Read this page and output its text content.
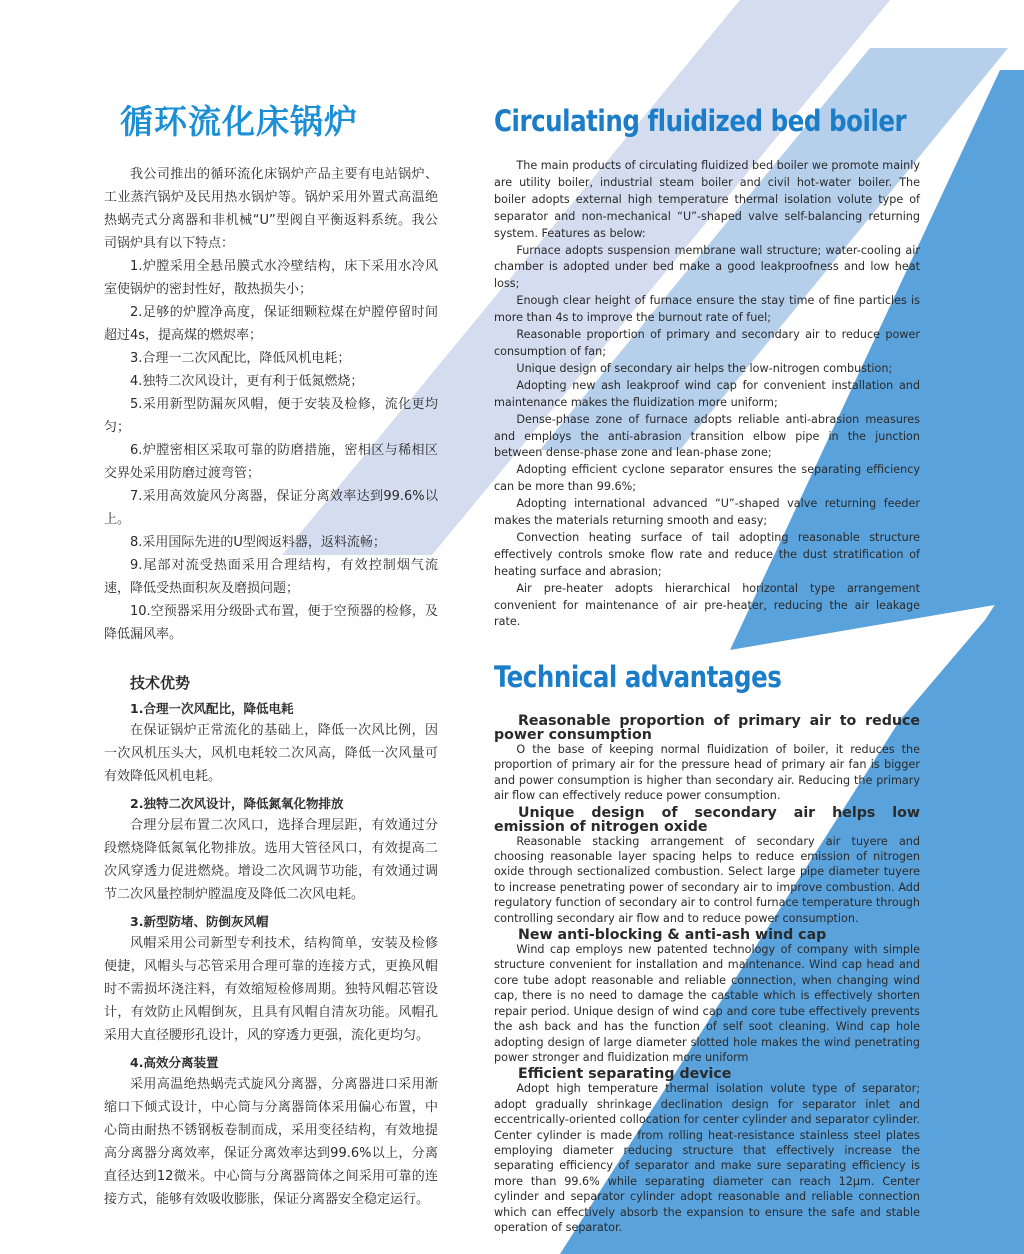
循环流化床锅炉

我公司推出的循环流化床锅炉产品主要有电站锅炉、工业蒸汽锅炉及民用热水锅炉等。锅炉采用外置式高温绝热蜗壳式分离器和非机械“U”型阀自平衡返料系统。我公司锅炉具有以下特点：

1.炉膛采用全悬吊膜式水冷壁结构，床下采用水冷风室使锅炉的密封性好，散热损失小；

2.足够的炉膛净高度，保证细颗粒煤在炉膛停留时间超过4s，提高煤的燃烬率；

3.合理一二次风配比，降低风机电耗；

4.独特二次风设计，更有利于低氮燃烧；

5.采用新型防漏灰风帽，便于安装及检修，流化更均匀；

6.炉膛密相区采取可靠的防磨措施，密相区与稀相区交界处采用防磨过渡弯管；

7.采用高效旋风分离器，保证分离效率达到99.6%以上。

8.采用国际先进的U型阀返料器，返料流畅；

9.尾部对流受热面采用合理结构，有效控制烟气流速，降低受热面积灰及磨损问题；

10.空预器采用分级卧式布置，便于空预器的检修，及降低漏风率。

技术优势
1.合理一次风配比，降低电耗

在保证锅炉正常流化的基础上，降低一次风比例，因一次风机压头大，风机电耗较二次风高，降低一次风量可有效降低风机电耗。

2.独特二次风设计，降低氮氧化物排放

合理分层布置二次风口，选择合理层距，有效通过分段燃烧降低氮氧化物排放。选用大管径风口，有效提高二次风穿透力促进燃烧。增设二次风调节功能，有效通过调节二次风量控制炉膛温度及降低二次风电耗。

3.新型防堵、防倒灰风帽

风帽采用公司新型专利技术，结构简单，安装及检修便捷，风帽头与芯管采用合理可靠的连接方式，更换风帽时不需损坏浇注料，有效缩短检修周期。独特风帽芯管设计，有效防止风帽倒灰，且具有风帽自清灰功能。风帽孔采用大直径腰形孔设计，风的穿透力更强，流化更均匀。

4.高效分离装置

采用高温绝热蜗壳式旋风分离器，分离器进口采用渐缩口下倾式设计，中心筒与分离器筒体采用偏心布置，中心筒由耐热不锈钢板卷制而成，采用变径结构，有效地提高分离器分离效率，保证分离效率达到99.6%以上，分离直径达到12微米。中心筒与分离器筒体之间采用可靠的连接方式，能够有效吸收膨胀，保证分离器安全稳定运行。

Circulating fluidized bed boiler

The main products of circulating fluidized bed boiler we promote mainly are utility boiler, industrial steam boiler and civil hot-water boiler. The boiler adopts external high temperature thermal isolation volute type of separator and non-mechanical “U”-shaped valve self-balancing returning system. Features as below:

Furnace adopts suspension membrane wall structure; water-cooling air chamber is adopted under bed make a good leakproofness and low heat loss;

Enough clear height of furnace ensure the stay time of fine particles is more than 4s to improve the burnout rate of fuel;

Reasonable proportion of primary and secondary air to reduce power consumption of fan;

Unique design of secondary air helps the low-nitrogen combustion;

Adopting new ash leakproof wind cap for convenient installation and maintenance makes the fluidization more uniform;

Dense-phase zone of furnace adopts reliable anti-abrasion measures and employs the anti-abrasion transition elbow pipe in the junction between dense-phase zone and lean-phase zone;

Adopting efficient cyclone separator ensures the separating efficiency can be more than 99.6%;

Adopting international advanced “U”-shaped valve returning feeder makes the materials returning smooth and easy;

Convection heating surface of tail adopting reasonable structure effectively controls smoke flow rate and reduce the dust stratification of heating surface and abrasion;

Air pre-heater adopts hierarchical horizontal type arrangement convenient for maintenance of air pre-heater, reducing the air leakage rate.

Technical advantages
Reasonable proportion of primary air to reduce power consumption

O the base of keeping normal fluidization of boiler, it reduces the proportion of primary air for the pressure head of primary air fan is bigger and power consumption is higher than secondary air. Reducing the primary air flow can effectively reduce power consumption.

Unique design of secondary air helps low emission of nitrogen oxide

Reasonable stacking arrangement of secondary air tuyere and choosing reasonable layer spacing helps to reduce emission of nitrogen oxide through sectionalized combustion. Select large pipe diameter tuyere to increase penetrating power of secondary air to improve combustion. Add regulatory function of secondary air to control furnace temperature through controlling secondary air flow and to reduce power consumption.

New anti-blocking & anti-ash wind cap

Wind cap employs new patented technology of company with simple structure convenient for installation and maintenance. Wind cap head and core tube adopt reasonable and reliable connection, when changing wind cap, there is no need to damage the castable which is effectively shorten repair period. Unique design of wind cap and core tube effectively prevents the ash back and has the function of self soot cleaning. Wind cap hole adopting design of large diameter slotted hole makes the wind penetrating power stronger and fluidization more uniform

Efficient separating device

Adopt high temperature thermal isolation volute type of separator; adopt gradually shrinkage declination design for separator inlet and eccentrically-oriented collocation for center cylinder and separator cylinder. Center cylinder is made from rolling heat-resistance stainless steel plates employing diameter reducing structure that effectively increase the separating efficiency of separator and make sure separating efficiency is more than 99.6% while separating diameter can reach 12μm. Center cylinder and separator cylinder adopt reasonable and reliable connection which can effectively absorb the expansion to ensure the safe and stable operation of separator.
